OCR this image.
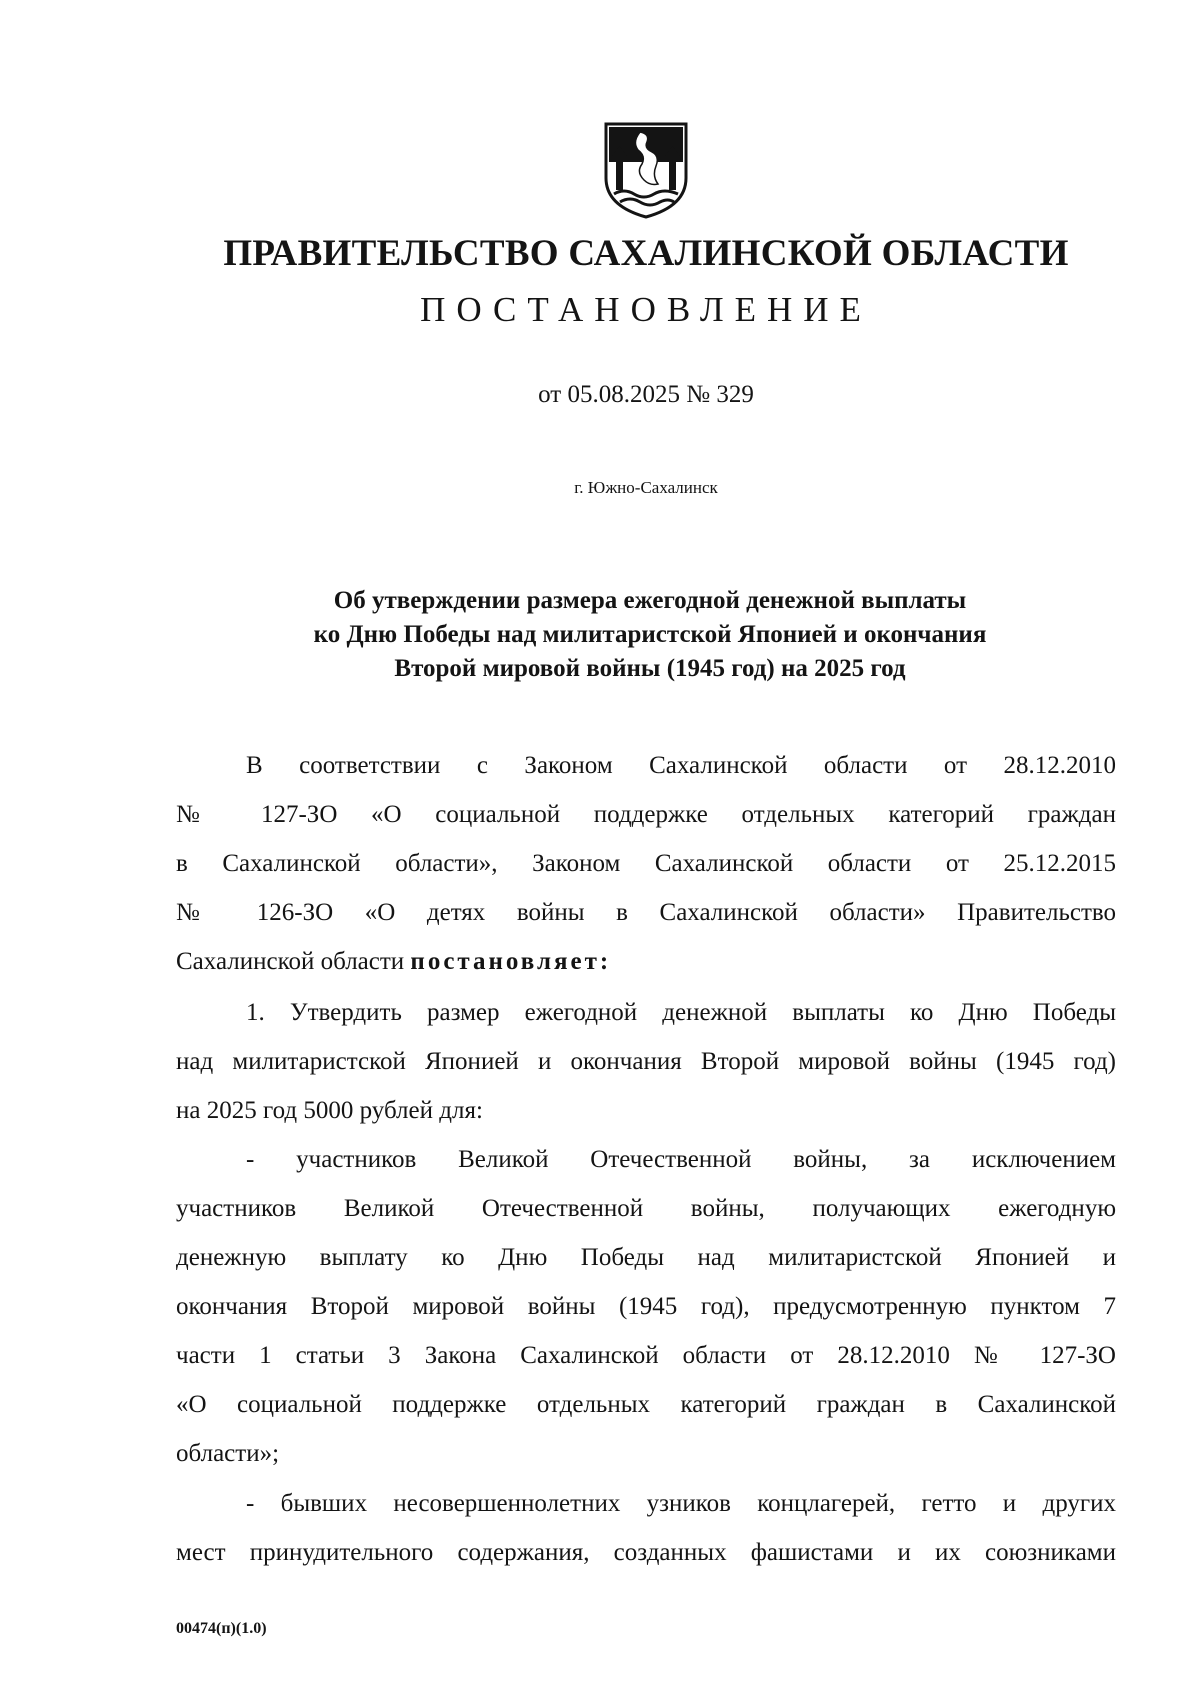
ПРАВИТЕЛЬСТВО САХАЛИНСКОЙ ОБЛАСТИ
ПОСТАНОВЛЕНИЕ
от 05.08.2025 № 329
г. Южно-Сахалинск
Об утверждении размера ежегодной денежной выплаты
ко Дню Победы над милитаристской Японией и окончания
Второй мировой войны (1945 год) на 2025 год
В соответствии с Законом Сахалинской области от 28.12.2010
№ 127-ЗО «О социальной поддержке отдельных категорий граждан
в Сахалинской области», Законом Сахалинской области от 25.12.2015
№ 126-ЗО «О детях войны в Сахалинской области» Правительство
Сахалинской области постановляет:
1. Утвердить размер ежегодной денежной выплаты ко Дню Победы
над милитаристской Японией и окончания Второй мировой войны (1945 год)
на 2025 год 5000 рублей для:
- участников Великой Отечественной войны, за исключением
участников Великой Отечественной войны, получающих ежегодную
денежную выплату ко Дню Победы над милитаристской Японией и
окончания Второй мировой войны (1945 год), предусмотренную пунктом 7
части 1 статьи 3 Закона Сахалинской области от 28.12.2010 № 127-ЗО
«О социальной поддержке отдельных категорий граждан в Сахалинской
области»;
- бывших несовершеннолетних узников концлагерей, гетто и других
мест принудительного содержания, созданных фашистами и их союзниками
00474(п)(1.0)
